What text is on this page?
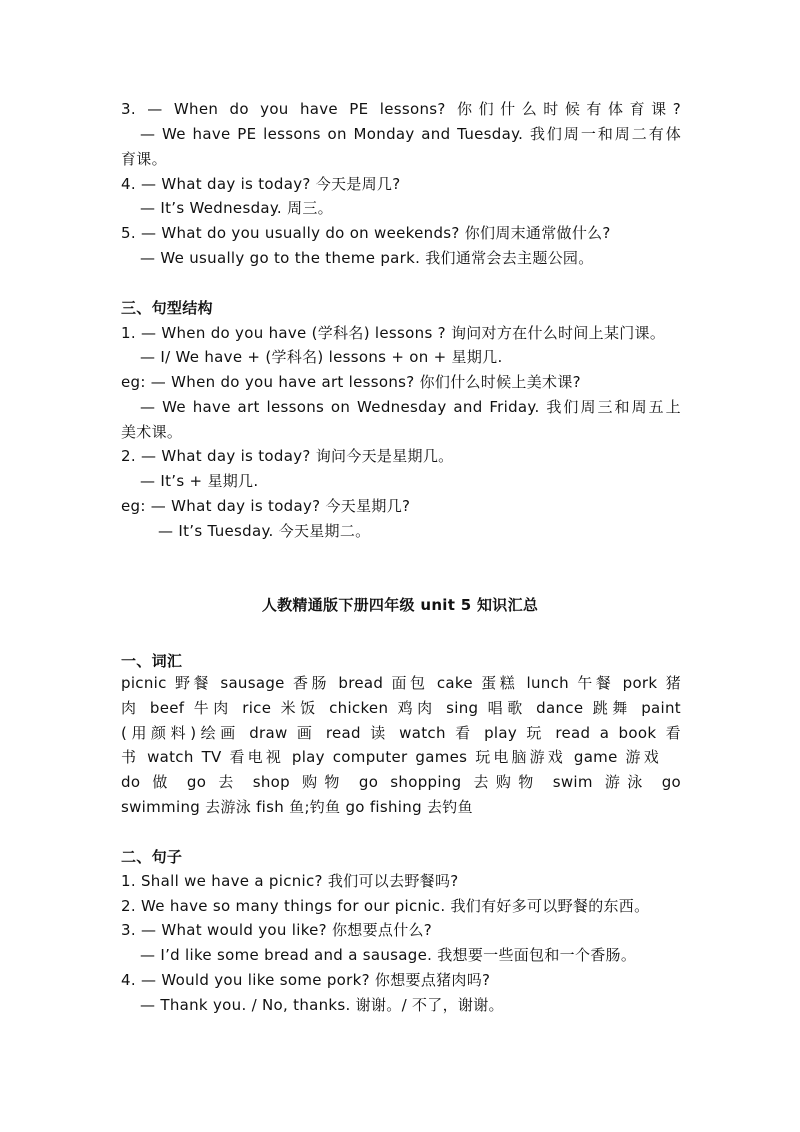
3. — When do you have PE lessons? 你们什么时候有体育课?
— We have PE lessons on Monday and Tuesday. 我们周一和周二有体
育课。
4. — What day is today? 今天是周几?
— It’s Wednesday. 周三。
5. — What do you usually do on weekends? 你们周末通常做什么?
— We usually go to the theme park. 我们通常会去主题公园。
三、句型结构
1. — When do you have (学科名) lessons ? 询问对方在什么时间上某门课。
— I/ We have + (学科名) lessons + on + 星期几.
eg: — When do you have art lessons? 你们什么时候上美术课?
— We have art lessons on Wednesday and Friday. 我们周三和周五上
美术课。
2. — What day is today? 询问今天是星期几。
— It’s + 星期几.
eg: — What day is today? 今天星期几?
— It’s Tuesday. 今天星期二。
人教精通版下册四年级 unit 5 知识汇总
一、词汇
picnic 野餐 sausage 香肠 bread 面包 cake 蛋糕 lunch 午餐 pork 猪
肉 beef 牛肉 rice 米饭 chicken 鸡肉 sing 唱歌 dance 跳舞 paint
(用颜料)绘画 draw 画 read 读 watch 看 play 玩 read a book 看
书 watch TV 看电视 play computer games 玩电脑游戏 game 游戏
do 做 go 去 shop 购物 go shopping 去购物 swim 游泳 go
swimming 去游泳 fish 鱼;钓鱼 go fishing 去钓鱼
二、句子
1. Shall we have a picnic? 我们可以去野餐吗?
2. We have so many things for our picnic. 我们有好多可以野餐的东西。
3. — What would you like? 你想要点什么?
— I’d like some bread and a sausage. 我想要一些面包和一个香肠。
4. — Would you like some pork? 你想要点猪肉吗?
— Thank you. / No, thanks. 谢谢。/ 不了，谢谢。
